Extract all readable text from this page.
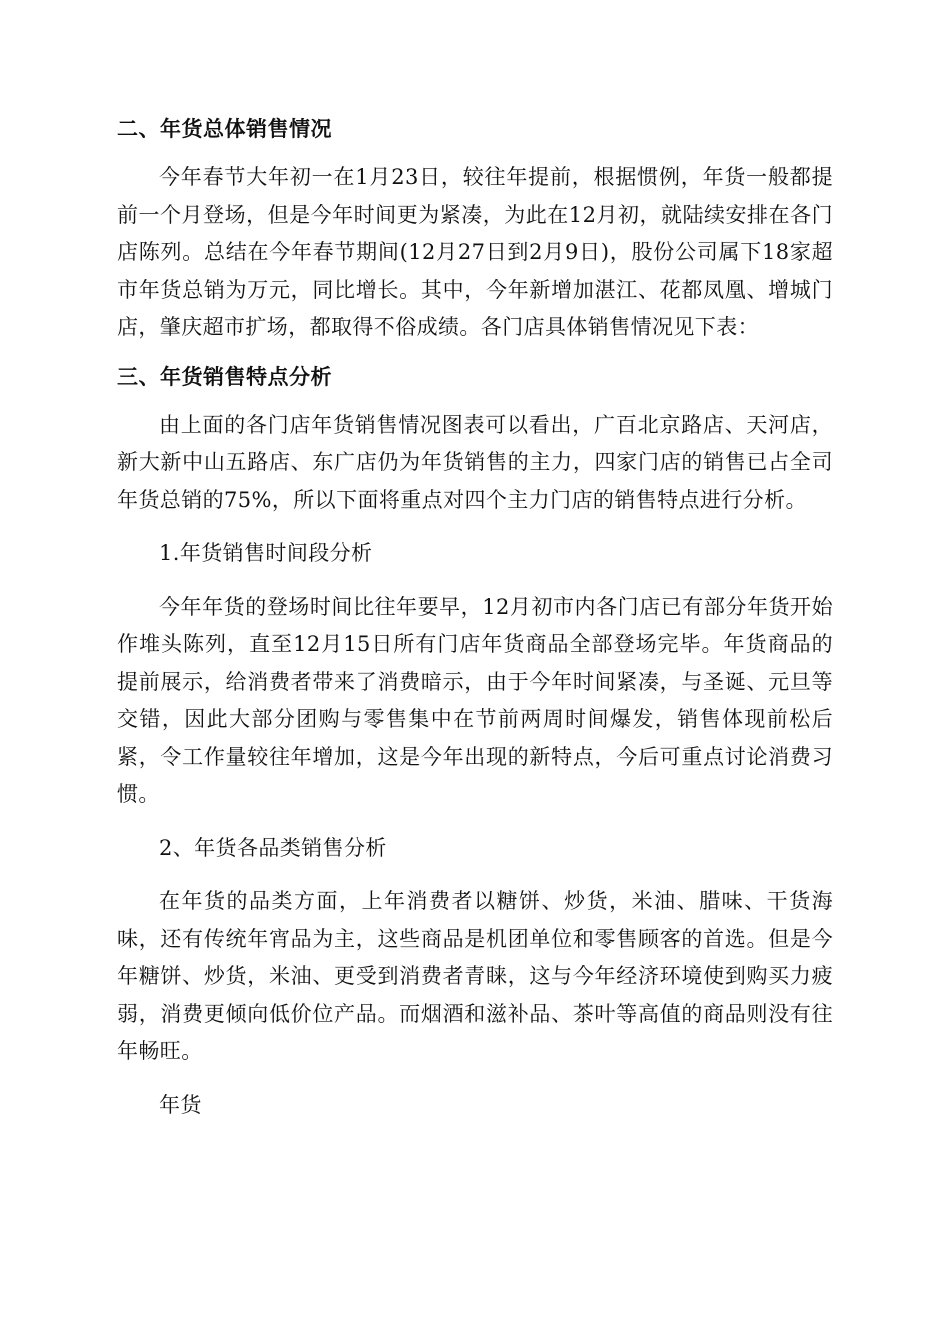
二、年货总体销售情况

今年春节大年初一在1月23日，较往年提前，根据惯例，年货一般都提前一个月登场，但是今年时间更为紧凑，为此在12月初，就陆续安排在各门店陈列。总结在今年春节期间(12月27日到2月9日)，股份公司属下18家超市年货总销为万元，同比增长。其中，今年新增加湛江、花都凤凰、增城门店，肇庆超市扩场，都取得不俗成绩。各门店具体销售情况见下表：

三、年货销售特点分析

由上面的各门店年货销售情况图表可以看出，广百北京路店、天河店，新大新中山五路店、东广店仍为年货销售的主力，四家门店的销售已占全司年货总销的75%，所以下面将重点对四个主力门店的销售特点进行分析。

1.年货销售时间段分析

今年年货的登场时间比往年要早，12月初市内各门店已有部分年货开始作堆头陈列，直至12月15日所有门店年货商品全部登场完毕。年货商品的提前展示，给消费者带来了消费暗示，由于今年时间紧凑，与圣诞、元旦等交错，因此大部分团购与零售集中在节前两周时间爆发，销售体现前松后紧，令工作量较往年增加，这是今年出现的新特点，今后可重点讨论消费习惯。

2、年货各品类销售分析

在年货的品类方面，上年消费者以糖饼、炒货，米油、腊味、干货海味，还有传统年宵品为主，这些商品是机团单位和零售顾客的首选。但是今年糖饼、炒货，米油、更受到消费者青睐，这与今年经济环境使到购买力疲弱，消费更倾向低价位产品。而烟酒和滋补品、茶叶等高值的商品则没有往年畅旺。

年货
